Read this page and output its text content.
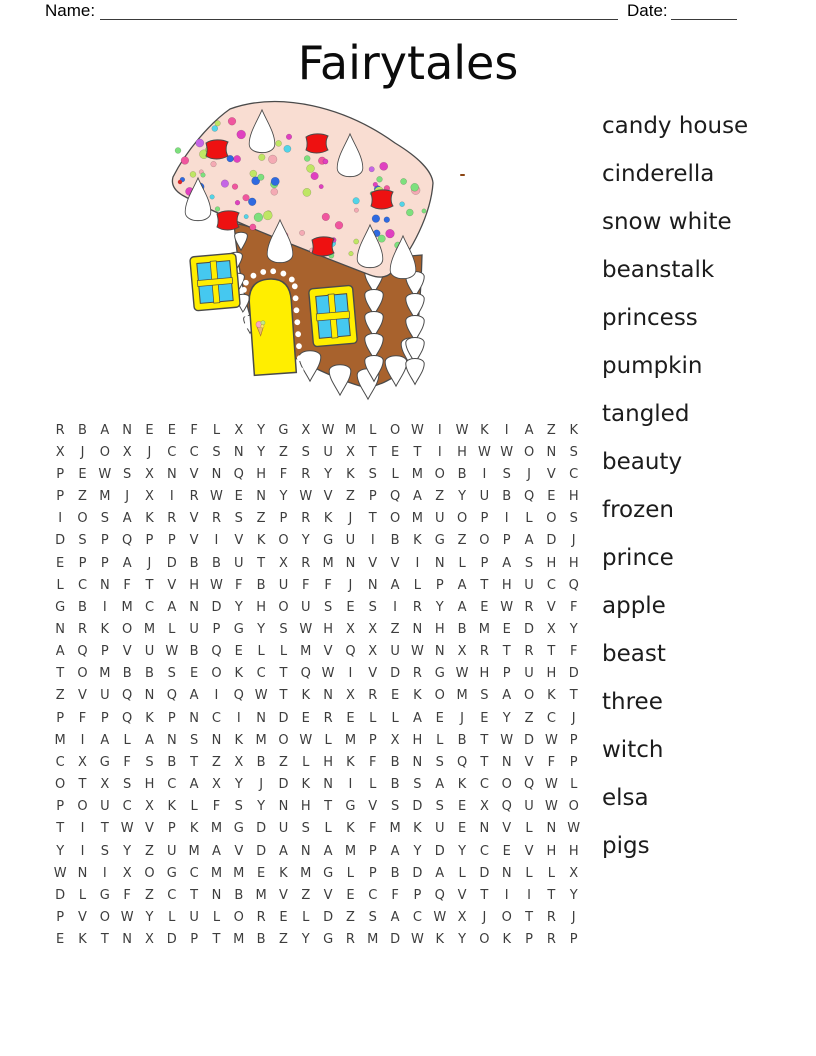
Name:	Date:
Fairytales
candy house
cinderella
snow white
beanstalk
princess
pumpkin
tangled
beauty
frozen
prince
apple
beast
three
witch
elsa
pigs
R	B	A	N	E	E	F	L	X	Y	G X W M	L	O W	I	W K	I	A	Z	K
X	J	O X	J	C	C	S	N	Y	Z	S	U	X	T	E	T	I	H W W O N	S
P	E W S	X	N	V	N Q H	F	R	Y	K	S	L	M O B	I	S	J	V	C
P	Z M	J	X	I	R W E	N	Y W V	Z	P	Q A	Z	Y	U	B Q	E	H
I	O	S	A	K	R	V	R	S	Z	P	R	K	J	T	O M U O	P	I	L	O	S
D	S	P	Q	P	P	V	I	V	K O	Y	G U	I	B	K	G Z O	P	A D	J
E	P	P	A	J	D B	B	U	T	X	R M N	V	V	I	N	L	P	A	S	H H
L	C N	F	T	V H W F	B	U	F	F	J	N	A	L	P	A	T	H U	C Q
G B	I	M C	A	N D	Y	H O U	S	E	S	I	R	Y	A	E W R	V	F
N R	K O M	L	U	P	G	Y	S W H X	X	Z	N H B M E	D X	Y
A Q	P	V	U W B Q	E	L	L	M V Q X	U W N	X	R	T	R	T	F
T	O M B	B	S	E	O K	C	T	Q W	I	V D R G W H	P	U H D
Z	V	U Q N Q A	I	Q W T	K	N	X	R	E	K O M S	A O K	T
P	F	P	Q K	P	N C	I	N D	E	R	E	L	L	A	E	J	E	Y	Z	C	J
M	I	A	L	A	N	S	N	K M O W L	M P	X H	L	B	T W D W P
C	X G	F	S	B	T	Z	X	B	Z	L	H	K	F	B	N	S	Q	T	N	V	F	P
O	T	X	S	H C	A	X	Y	J	D	K	N	I	L	B	S	A	K	C O Q W L
P	O U	C	X	K	L	F	S	Y	N H	T	G V	S	D	S	E	X Q U W O
T	I	T W V	P	K M G D U	S	L	K	F M K	U	E	N	V	L	N W
Y	I	S	Y	Z	U M A	V D A	N	A M P	A	Y	D	Y	C	E	V H H
W N	I	X O G C M M E	K M G	L	P	B D A	L	D N	L	L	X
D	L	G	F	Z	C	T	N	B M V	Z	V	E	C	F	P	Q V	T	I	I	T	Y
P	V O W Y	L	U	L	O R	E	L	D Z	S	A	C W X	J	O	T	R	J
E	K	T	N	X D	P	T M B	Z	Y	G R M D W K	Y	O K	P	R	P
